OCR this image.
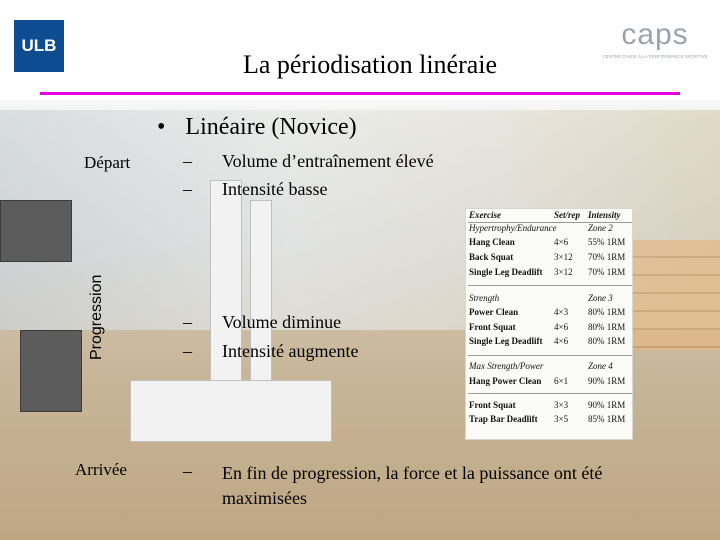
ULB	caps
CENTRE D'AIDE À LA PERFORMANCE SPORTIVE
La périodisation linéraie
• Linéaire (Novice)
Progression
Départ
Arrivée
– Volume d’entraînement élevé
– Intensité basse
– Volume diminue
– Intensité augmente
– En fin de progression, la force et la puissance ont été maximisées
Exercise	Set/rep Intensity
Hypertrophy/Endurance	Zone 2
Hang Clean	4×6 55% 1RM
Back Squat	3×12 70% 1RM
Single Leg Deadlift 3×12 70% 1RM
Strength	Zone 3
Power Clean	4×3 80% 1RM
Front Squat	4×6 80% 1RM
Single Leg Deadlift 4×6 80% 1RM
Max Strength/Power	Zone 4
Hang Power Clean 6×1 90% 1RM
Front Squat	3×3 90% 1RM
Trap Bar Deadlift 3×5 85% 1RM
